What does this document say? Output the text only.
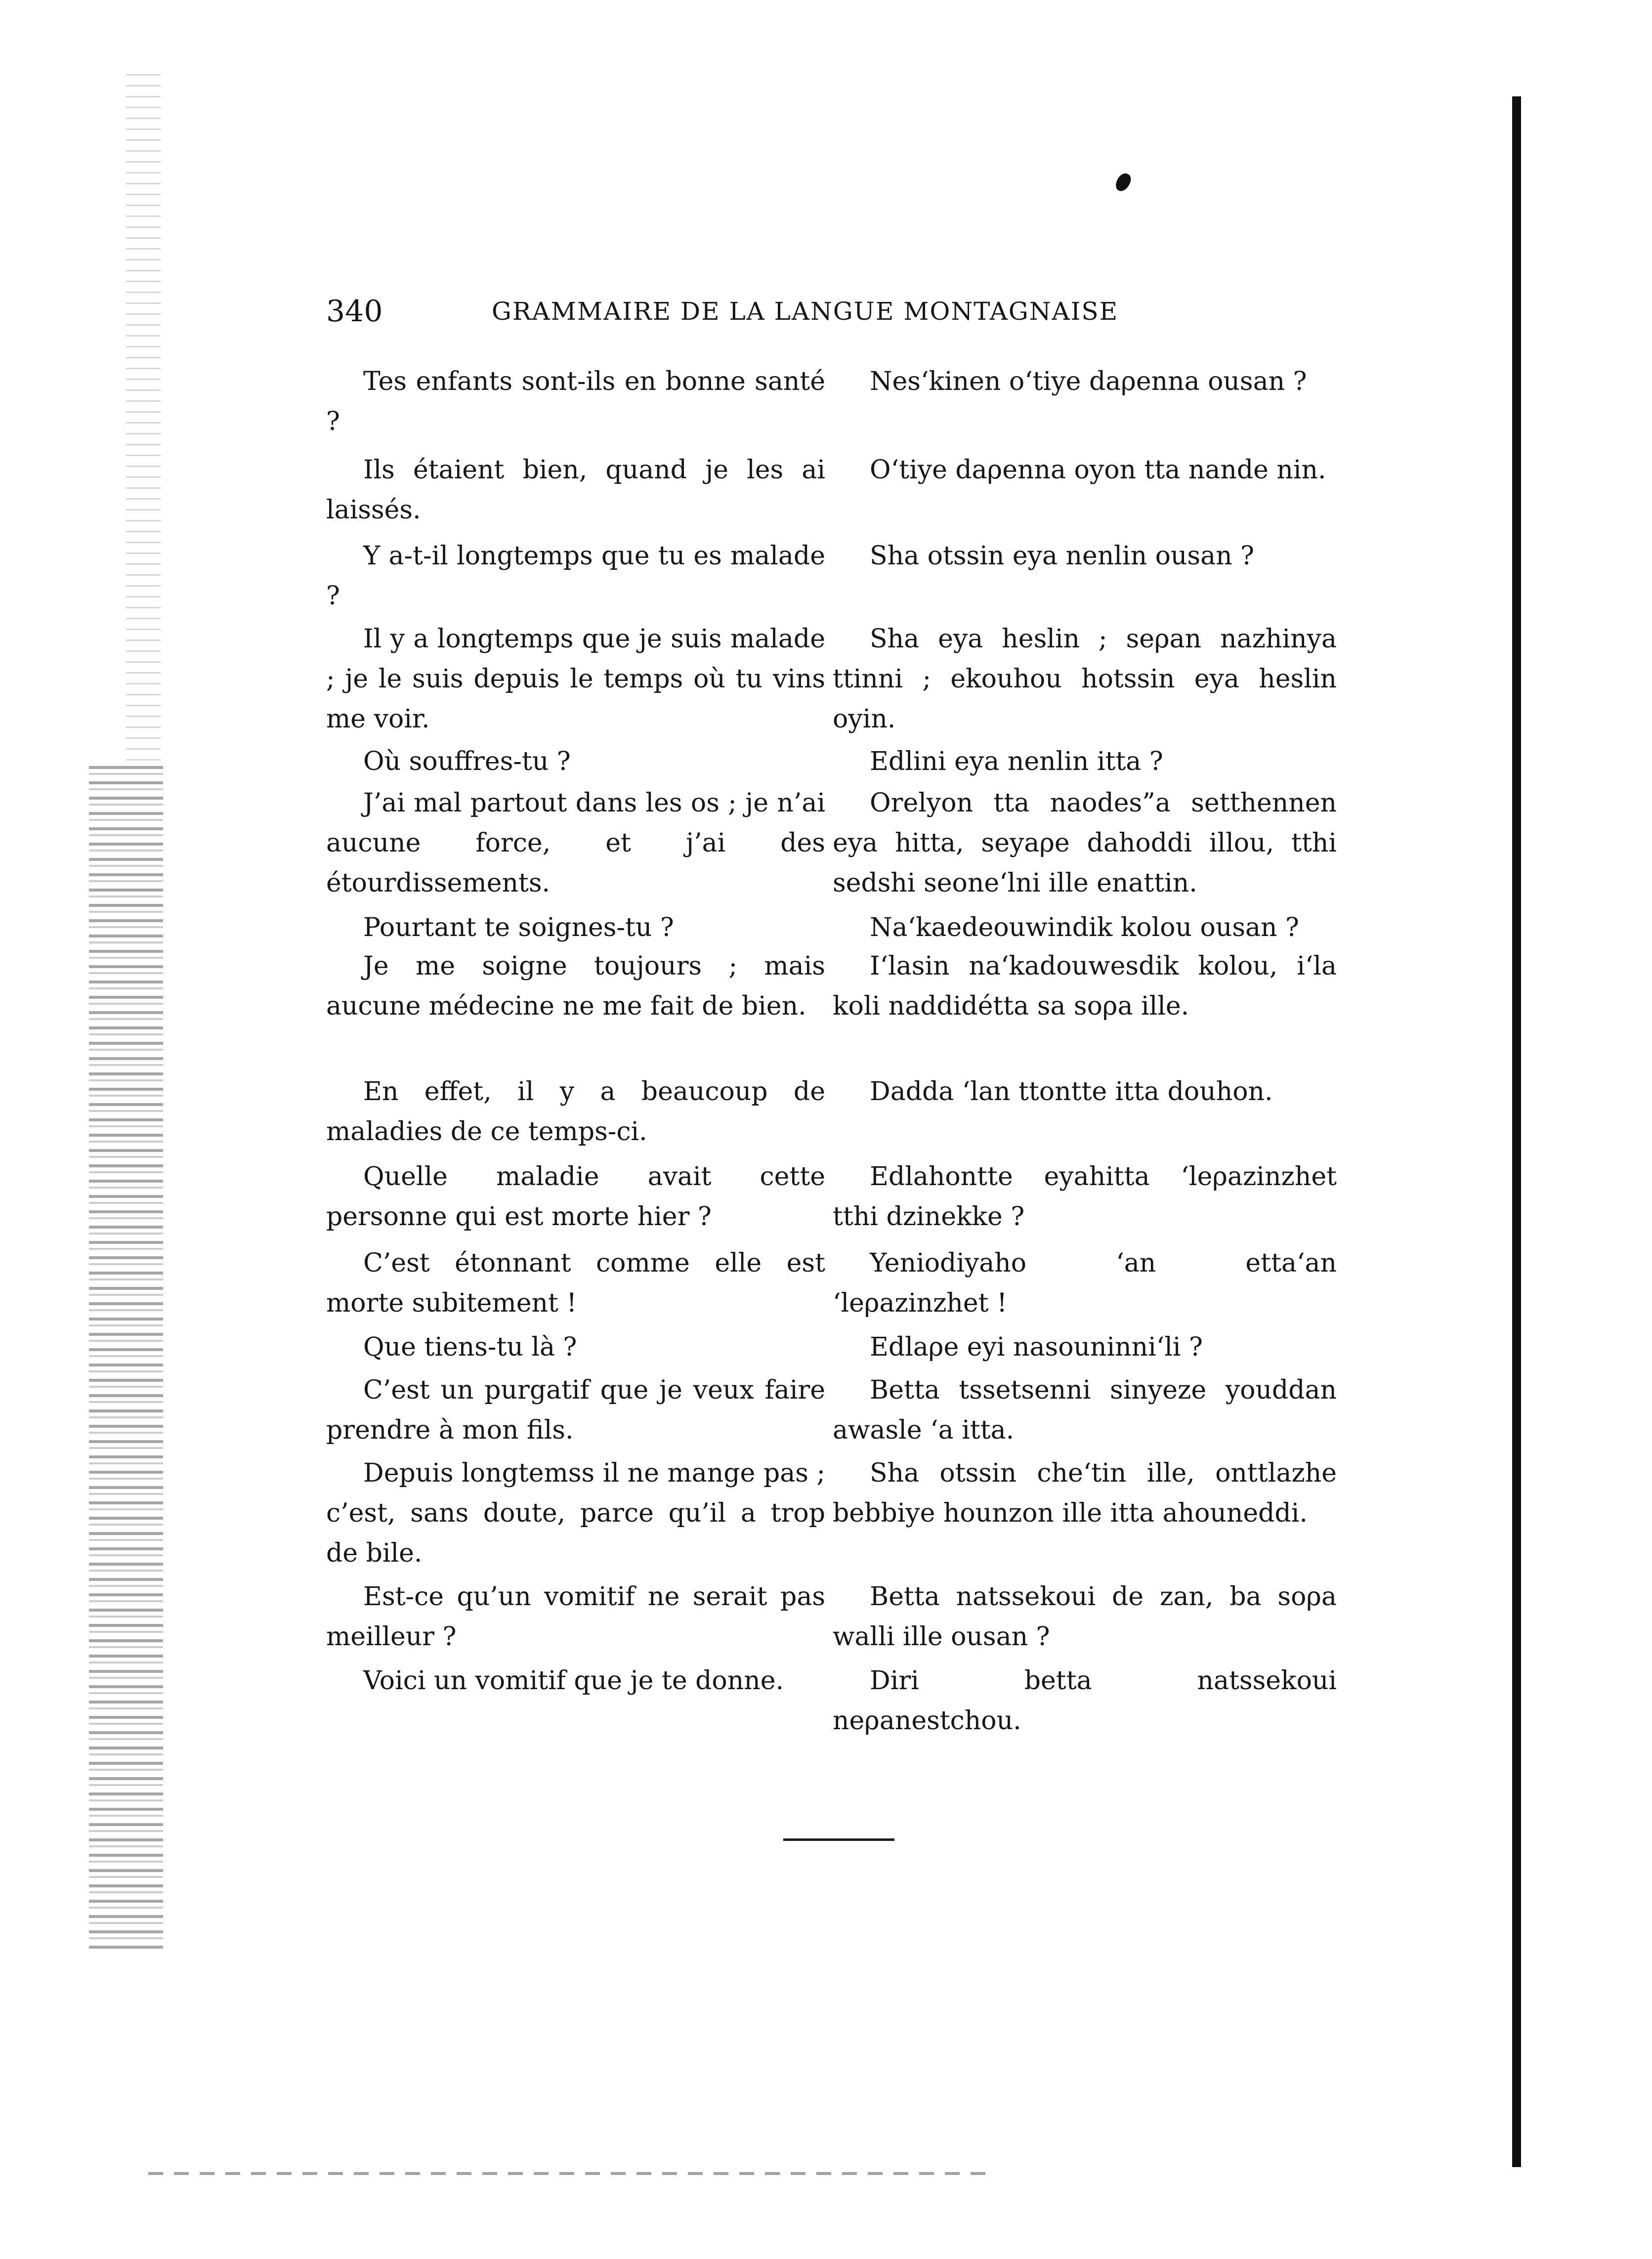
340	GRAMMAIRE DE LA LANGUE MONTAGNAISE

Tes enfants sont-ils en bonne santé ?

Ils étaient bien, quand je les ai laissés.

Y a-t-il longtemps que tu es malade ?

Il y a longtemps que je suis malade ; je le suis depuis le temps où tu vins me voir.

Où souffres-tu ?

J’ai mal partout dans les os ; je n’ai aucune force, et j’ai des étourdissements.

Pourtant te soignes-tu ?

Je me soigne toujours ; mais aucune médecine ne me fait de bien.

En effet, il y a beaucoup de maladies de ce temps-ci.

Quelle maladie avait cette personne qui est morte hier ?

C’est étonnant comme elle est morte subitement !

Que tiens-tu là ?

C’est un purgatif que je veux faire prendre à mon fils.

Depuis longtemss il ne mange pas ; c’est, sans doute, parce qu’il a trop de bile.

Est-ce qu’un vomitif ne serait pas meilleur ?

Voici un vomitif que je te donne.

Nes‘kinen o‘tiye daρenna ousan ?

O‘tiye daρenna oyon tta nande nin.

Sha otssin eya nenlin ousan ?

Sha eya heslin ; seρan nazhinya ttinni ; ekouhou hotssin eya heslin oyin.

Edlini eya nenlin itta ?

Orelyon tta naodes”a setthennen eya hitta, seyaρe dahoddi illou, tthi sedshi seone‘lni ille enattin.

Na‘kaedeouwindik kolou ousan ?

I‘lasin na‘kadouwesdik kolou, i‘la koli naddidétta sa soρa ille.

Dadda ‘lan ttontte itta douhon.

Edlahontte eyahitta ‘leρazinzhet tthi dzinekke ?

Yeniodiyaho ‘an etta‘an ‘leρazinzhet !

Edlaρe eyi nasouninni‘li ?

Betta tssetsenni sinyeze youddan awasle ‘a itta.

Sha otssin che‘tin ille, onttlazhe bebbiye hounzon ille itta ahouneddi.

Betta natssekoui de zan, ba soρa walli ille ousan ?

Diri betta natssekoui neρanestchou.
